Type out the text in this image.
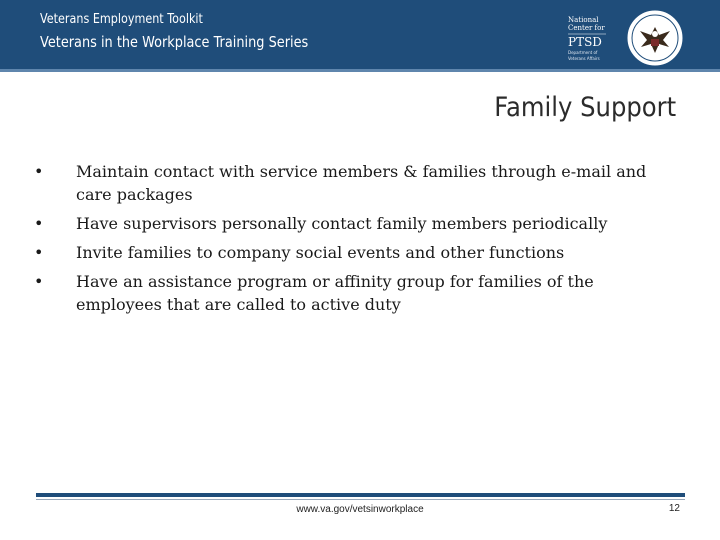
Veterans Employment Toolkit
Veterans in the Workplace Training Series
National
Center for
PTSD
Department of
Veterans Affairs
Family Support
• Maintain contact with service members & families through e-mail and care packages
• Have supervisors personally contact family members periodically
• Invite families to company social events and other functions
• Have an assistance program or affinity group for families of the employees that are called to active duty
www.va.gov/vetsinworkplace	12
